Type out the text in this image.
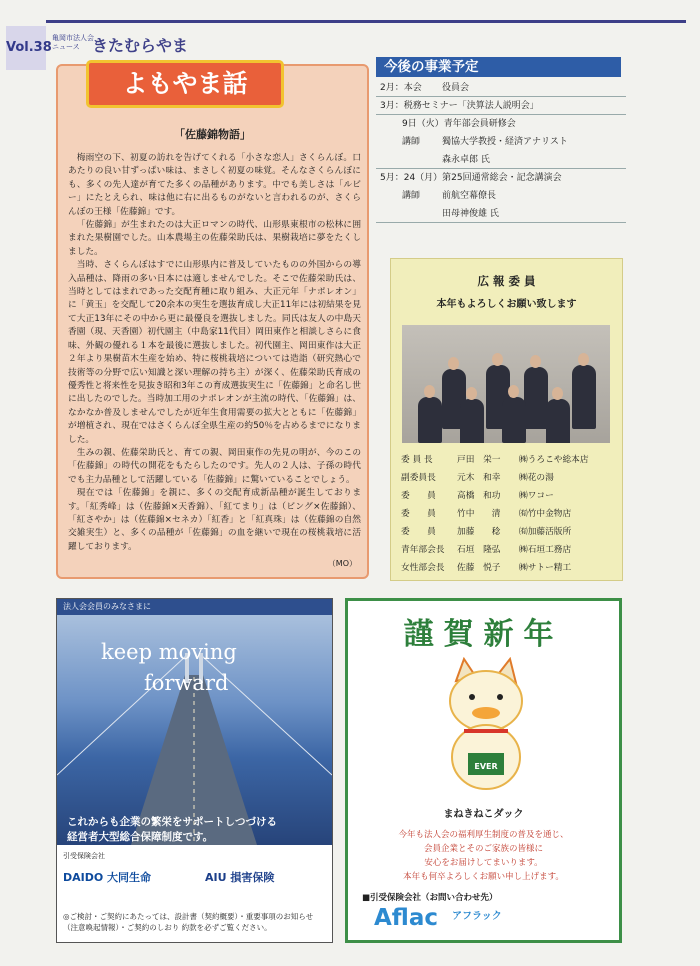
Vol.38
亀岡市法人会
ニュース きたむらやま
よもやま話
「佐藤錦物語」

梅雨空の下、初夏の訪れを告げてくれる「小さな恋人」さくらんぼ。口あたりの良い甘ずっぱい味は、まさしく初夏の味覚。そんなさくらんぼにも、多くの先人達が育てた多くの品種があります。中でも美しさは「ルビー」にたとえられ、味は他に右に出るものがないと言われるのが、さくらんぼの王様「佐藤錦」です。

「佐藤錦」が生まれたのは大正ロマンの時代、山形県東根市の松林に囲まれた果樹園でした。山本農場主の佐藤栄助氏は、果樹栽培に夢をたくしました。

当時、さくらんぼはすでに山形県内に普及していたものの外国からの導入品種は、降雨の多い日本には適しませんでした。そこで佐藤栄助氏は、当時としてはまれであった交配育種に取り組み、大正元年「ナポレオン」に「黄玉」を交配して20余本の実生を選抜育成し大正11年には初結果を見て大正13年にその中から更に最優良を選抜しました。同氏は友人の中島天香園（現、天香園）初代園主（中島家11代目）岡田東作と相談しさらに食味、外観の優れる１本を最後に選抜しました。初代園主、岡田東作は大正２年より果樹苗木生産を始め、特に桜桃栽培については造詣（研究熱心で技術等の分野で広い知識と深い理解の持ち主）が深く、佐藤栄助氏育成の優秀性と将来性を見抜き昭和3年この育成選抜実生に「佐藤錦」と命名し世に出したのでした。当時加工用のナポレオンが主流の時代、「佐藤錦」は、なかなか普及しませんでしたが近年生食用需要の拡大とともに「佐藤錦」が増植され、現在ではさくらんぼ全県生産の約50％を占めるまでになりました。

生みの親、佐藤栄助氏と、育ての親、岡田東作の先見の明が、今のこの「佐藤錦」の時代の開花をもたらしたのです。先人の２人は、子孫の時代でも主力品種として活躍している「佐藤錦」に驚いていることでしょう。

現在では「佐藤錦」を親に、多くの交配育成新品種が誕生しております。「紅秀峰」は（佐藤錦×天香錦）、「紅てまり」は（ビング×佐藤錦）、「紅さやか」は（佐藤錦×セネカ）「紅香」と「紅真珠」は（佐藤錦の自然交雑実生）と、多くの品種が「佐藤錦」の血を継いで現在の桜桃栽培に活躍しております。

（MO）
今後の事業予定
2月：本会 役員会
3月：税務セミナー「決算法人説明会」
9日（火）青年部会員研修会
講師 獨協大学教授・経済アナリスト
森永卓郎 氏
5月：24（月）第25回通常総会・記念講演会
講師 前航空幕僚長
田母神俊雄 氏
広 報 委 員
本年もよろしくお願い致します
委 員 長	戸田　栄一 ㈱うろこや総本店
副委員長 元木　和幸 ㈱花の湯
委　　員 高橋　和功 ㈱ワコー
委　　員 竹中　　清 ㈲竹中金物店
委　　員 加藤　　稔 ㈲加藤活版所
青年部会長 石垣　隆弘 ㈱石垣工務店
女性部会長 佐藤　悦子 ㈱サトー精工
法人会会員のみなさまに
keep moving
forward
これからも企業の繁栄をサポートしつづける
経営者大型総合保障制度です。
引受保険会社
DAIDO 大同生命	AIU 損害保険
◎ご検討・ご契約にあたっては、設計書（契約概要）・重要事項のお知らせ（注意喚起情報）・ご契約のしおり 約款を必ずご覧ください。
謹賀新年
EVER
まねきねこダック
今年も法人会の福利厚生制度の普及を通じ、
会員企業とそのご家族の皆様に
安心をお届けしてまいります。
本年も何卒よろしくお願い申し上げます。
■引受保険会社（お問い合わせ先）
Aflac アフラック
